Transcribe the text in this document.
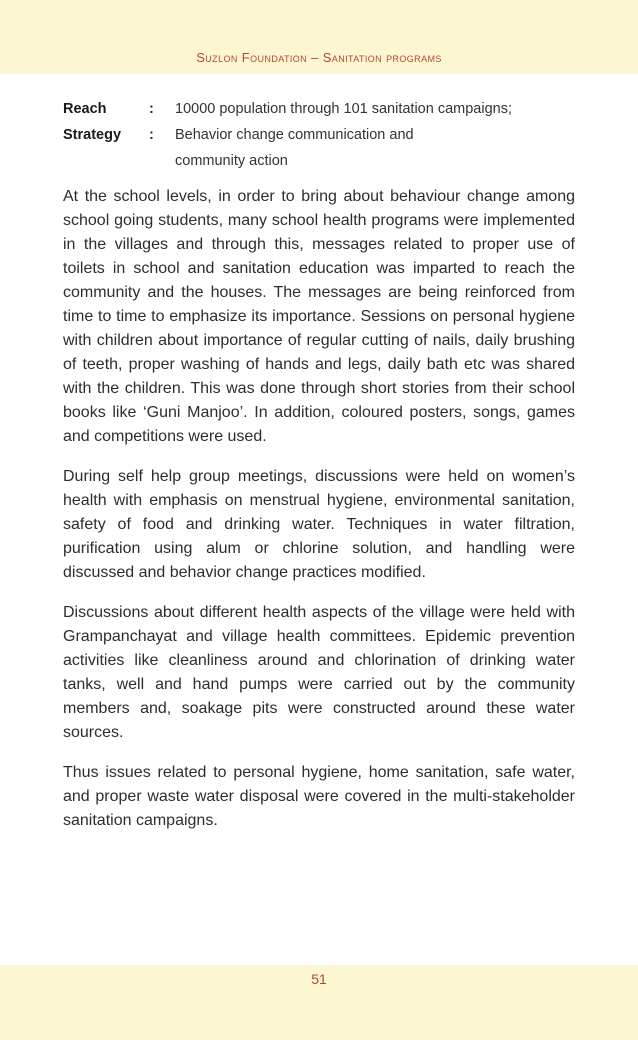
Suzlon Foundation – Sanitation programs
Reach	:	10000 population through 101 sanitation campaigns;
Strategy	:	Behavior change communication and community action

At the school levels, in order to bring about behaviour change among school going students, many school health programs were implemented in the villages and through this, messages related to proper use of toilets in school and sanitation education was imparted to reach the community and the houses. The messages are being reinforced from time to time to emphasize its importance. Sessions on personal hygiene with children about importance of regular cutting of nails, daily brushing of teeth, proper washing of hands and legs, daily bath etc was shared with the children. This was done through short stories from their school books like ‘Guni Manjoo’. In addition, coloured posters, songs, games and competitions were used.

During self help group meetings, discussions were held on women’s health with emphasis on menstrual hygiene, environmental sanitation, safety of food and drinking water. Techniques in water filtration, purification using alum or chlorine solution, and handling were discussed and behavior change practices modified.

Discussions about different health aspects of the village were held with Grampanchayat and village health committees. Epidemic prevention activities like cleanliness around and chlorination of drinking water tanks, well and hand pumps were carried out by the community members and, soakage pits were constructed around these water sources.

Thus issues related to personal hygiene, home sanitation, safe water, and proper waste water disposal were covered in the multi-stakeholder sanitation campaigns.

51
